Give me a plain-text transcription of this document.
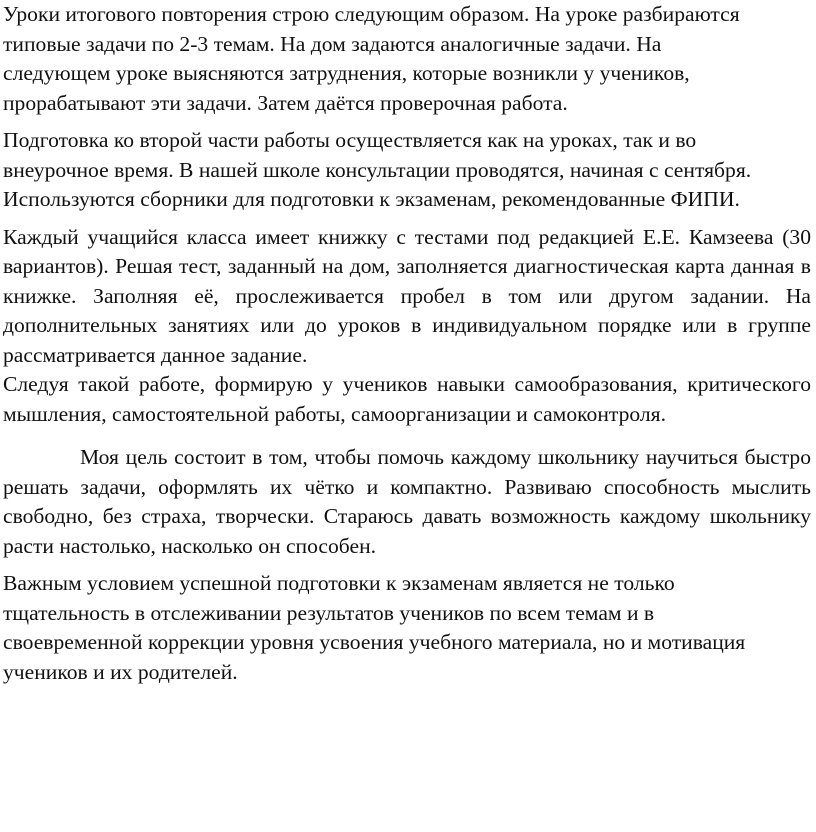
Уроки итогового повторения строю следующим образом. На уроке разбираются типовые задачи по 2-3 темам. На дом задаются аналогичные задачи. На следующем уроке выясняются затруднения, которые возникли у учеников, прорабатывают эти задачи. Затем даётся проверочная работа.

Подготовка ко второй части работы осуществляется как на уроках, так и во внеурочное время. В нашей школе консультации проводятся, начиная с сентября. Используются сборники для подготовки к экзаменам, рекомендованные ФИПИ.

Каждый учащийся класса имеет книжку с тестами под редакцией Е.Е. Камзеева (30 вариантов). Решая тест, заданный на дом, заполняется диагностическая карта данная в книжке. Заполняя её, прослеживается пробел в том или другом задании. На дополнительных занятиях или до уроков в индивидуальном порядке или в группе рассматривается данное задание.

Следуя такой работе, формирую у учеников навыки самообразования, критического мышления, самостоятельной работы, самоорганизации и самоконтроля.

Моя цель состоит в том, чтобы помочь каждому школьнику научиться быстро решать задачи, оформлять их чётко и компактно. Развиваю способность мыслить свободно, без страха, творчески. Стараюсь давать возможность каждому школьнику расти настолько, насколько он способен.

Важным условием успешной подготовки к экзаменам является не только тщательность в отслеживании результатов учеников по всем темам и в своевременной коррекции уровня усвоения учебного материала, но и мотивация учеников и их родителей.
